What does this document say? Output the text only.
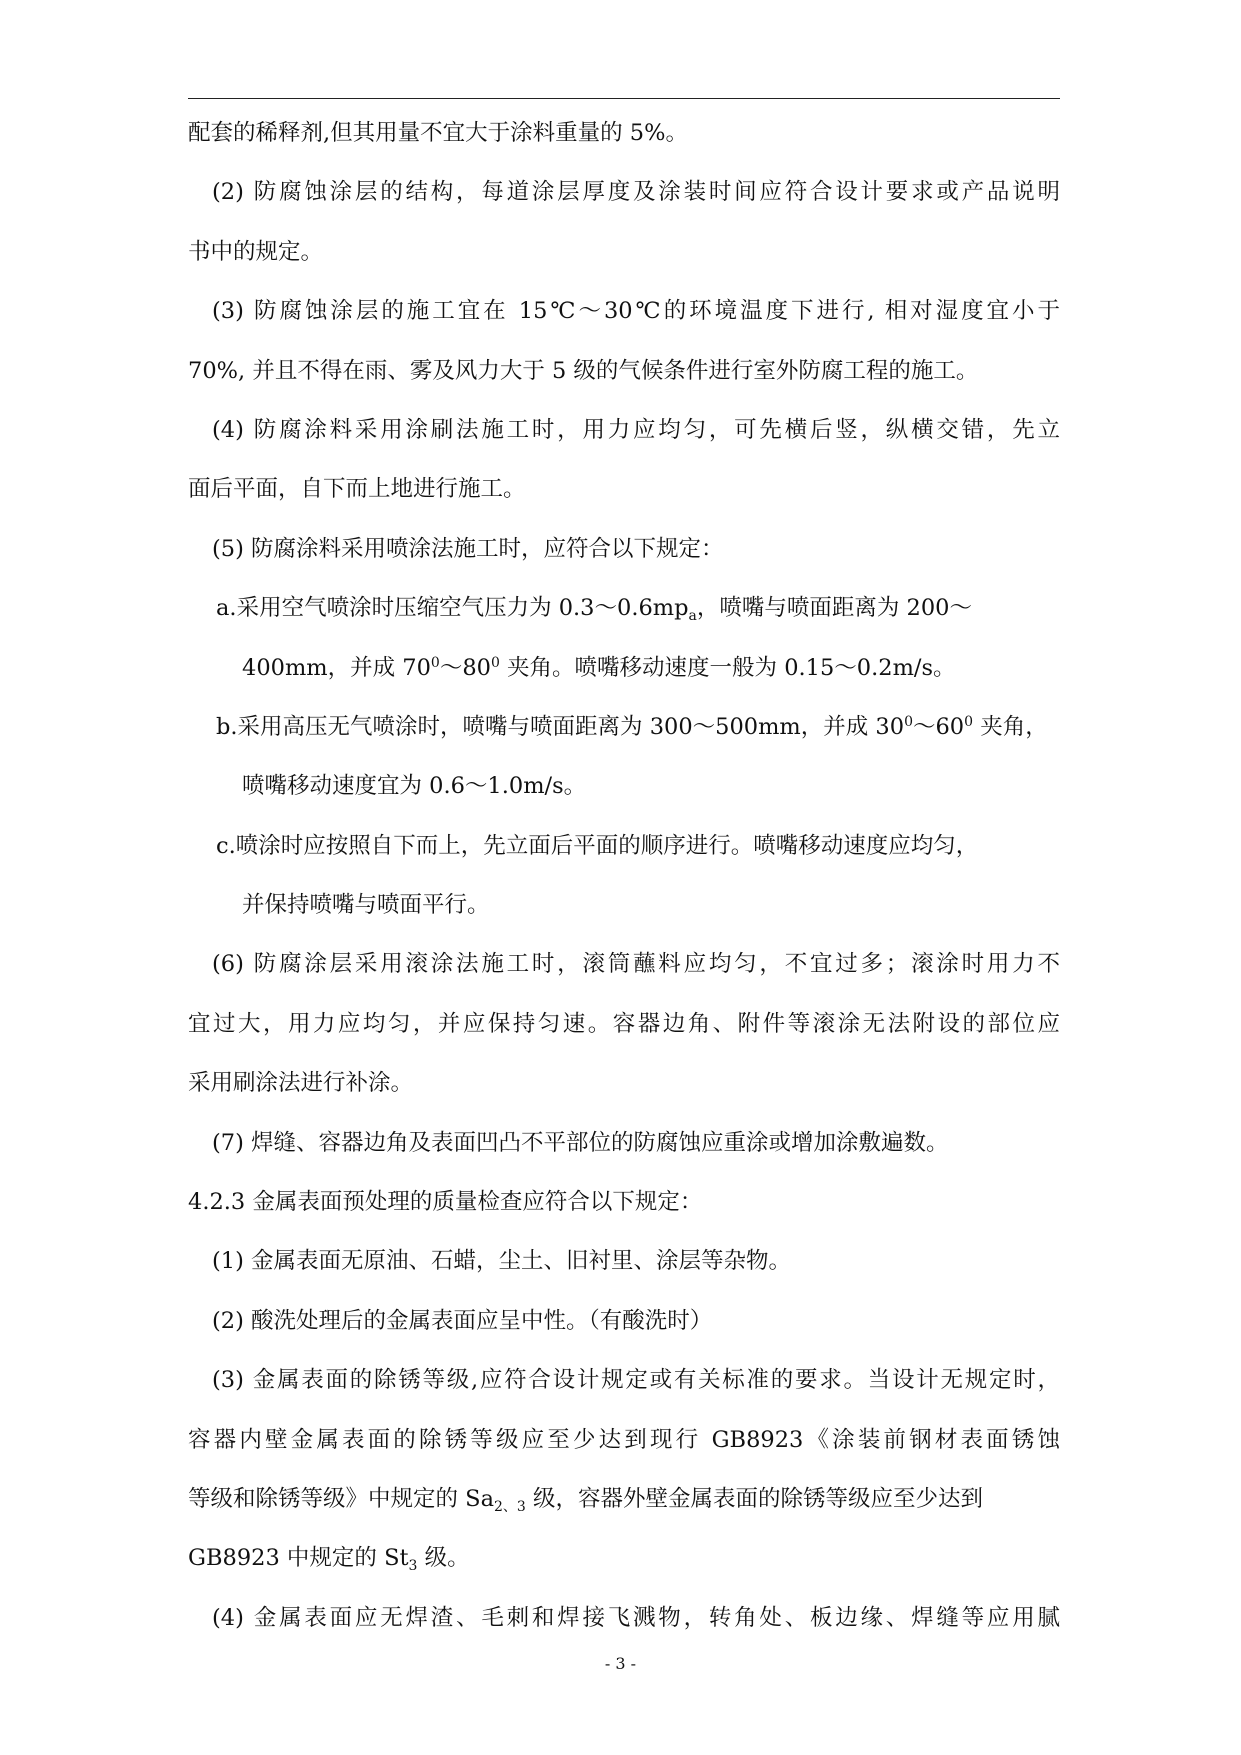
配套的稀释剂,但其用量不宜大于涂料重量的 5%。
(2) 防腐蚀涂层的结构，每道涂层厚度及涂装时间应符合设计要求或产品说明
书中的规定。
(3) 防腐蚀涂层的施工宜在 15℃～30℃的环境温度下进行, 相对湿度宜小于
70%, 并且不得在雨、雾及风力大于 5 级的气候条件进行室外防腐工程的施工。
(4) 防腐涂料采用涂刷法施工时，用力应均匀，可先横后竖，纵横交错，先立
面后平面，自下而上地进行施工。
(5) 防腐涂料采用喷涂法施工时，应符合以下规定：
a.采用空气喷涂时压缩空气压力为 $0.3\sim 0.6mp_a$，喷嘴与喷面距离为 200～
400mm，并成 $70^0\sim 80^0$ 夹角。喷嘴移动速度一般为 0.15～0.2m/s。
b.采用高压无气喷涂时，喷嘴与喷面距离为 300～500mm，并成 $30^0\sim 60^0$ 夹角，
喷嘴移动速度宜为 0.6～1.0m/s。
c.喷涂时应按照自下而上，先立面后平面的顺序进行。喷嘴移动速度应均匀，
并保持喷嘴与喷面平行。
(6) 防腐涂层采用滚涂法施工时，滚筒蘸料应均匀，不宜过多；滚涂时用力不
宜过大，用力应均匀，并应保持匀速。容器边角、附件等滚涂无法附设的部位应
采用刷涂法进行补涂。
(7) 焊缝、容器边角及表面凹凸不平部位的防腐蚀应重涂或增加涂敷遍数。
4.2.3 金属表面预处理的质量检查应符合以下规定：
(1) 金属表面无原油、石蜡，尘土、旧衬里、涂层等杂物。
(2) 酸洗处理后的金属表面应呈中性。（有酸洗时）
(3) 金属表面的除锈等级,应符合设计规定或有关标准的要求。当设计无规定时，
容器内壁金属表面的除锈等级应至少达到现行 GB8923《涂装前钢材表面锈蚀
等级和除锈等级》中规定的 $Sa_{2、3}$ 级，容器外壁金属表面的除锈等级应至少达到
GB8923 中规定的 $St_3$ 级。
(4) 金属表面应无焊渣、毛刺和焊接飞溅物，转角处、板边缘、焊缝等应用腻
- 3 -
